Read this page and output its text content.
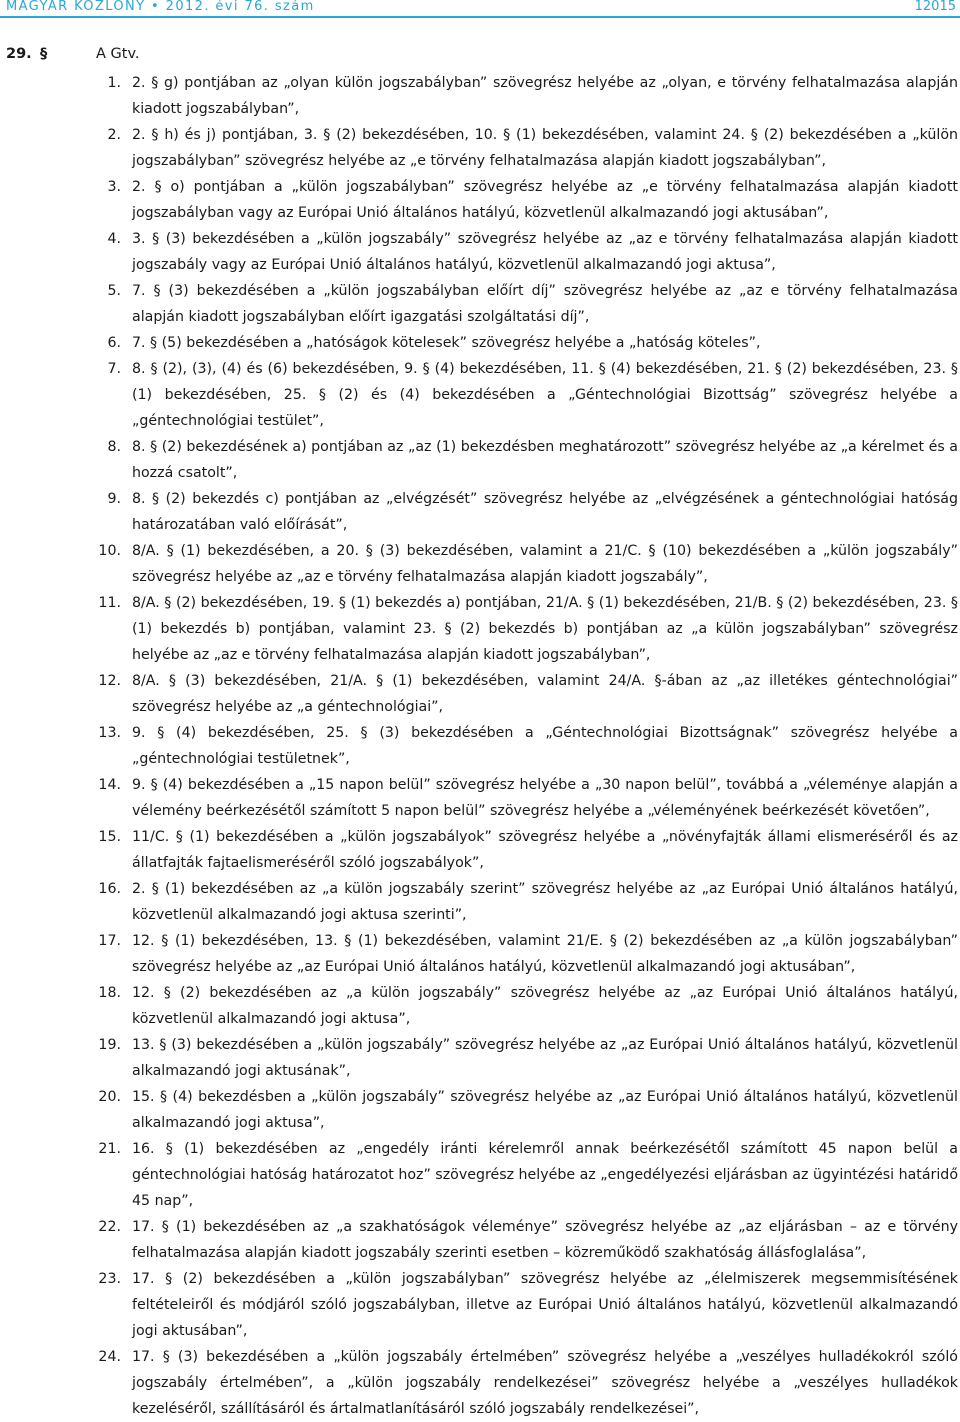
MAGYAR KÖZLÖNY • 2012. évi 76. szám	12015
29. §	A Gtv.
1. 2. § g) pontjában az „olyan külön jogszabályban” szövegrész helyébe az „olyan, e törvény felhatalmazása alapján kiadott jogszabályban”,
2. 2. § h) és j) pontjában, 3. § (2) bekezdésében, 10. § (1) bekezdésében, valamint 24. § (2) bekezdésében a „külön jogszabályban” szövegrész helyébe az „e törvény felhatalmazása alapján kiadott jogszabályban”,
3. 2. § o) pontjában a „külön jogszabályban” szövegrész helyébe az „e törvény felhatalmazása alapján kiadott jogszabályban vagy az Európai Unió általános hatályú, közvetlenül alkalmazandó jogi aktusában”,
4. 3. § (3) bekezdésében a „külön jogszabály” szövegrész helyébe az „az e törvény felhatalmazása alapján kiadott jogszabály vagy az Európai Unió általános hatályú, közvetlenül alkalmazandó jogi aktusa”,
5. 7. § (3) bekezdésében a „külön jogszabályban előírt díj” szövegrész helyébe az „az e törvény felhatalmazása alapján kiadott jogszabályban előírt igazgatási szolgáltatási díj”,
6. 7. § (5) bekezdésében a „hatóságok kötelesek” szövegrész helyébe a „hatóság köteles”,
7. 8. § (2), (3), (4) és (6) bekezdésében, 9. § (4) bekezdésében, 11. § (4) bekezdésében, 21. § (2) bekezdésében, 23. § (1) bekezdésében, 25. § (2) és (4) bekezdésében a „Géntechnológiai Bizottság” szövegrész helyébe a „géntechnológiai testület”,
8. 8. § (2) bekezdésének a) pontjában az „az (1) bekezdésben meghatározott” szövegrész helyébe az „a kérelmet és a hozzá csatolt”,
9. 8. § (2) bekezdés c) pontjában az „elvégzését” szövegrész helyébe az „elvégzésének a géntechnológiai hatóság határozatában való előírását”,
10. 8/A. § (1) bekezdésében, a 20. § (3) bekezdésében, valamint a 21/C. § (10) bekezdésében a „külön jogszabály” szövegrész helyébe az „az e törvény felhatalmazása alapján kiadott jogszabály”,
11. 8/A. § (2) bekezdésében, 19. § (1) bekezdés a) pontjában, 21/A. § (1) bekezdésében, 21/B. § (2) bekezdésében, 23. § (1) bekezdés b) pontjában, valamint 23. § (2) bekezdés b) pontjában az „a külön jogszabályban” szövegrész helyébe az „az e törvény felhatalmazása alapján kiadott jogszabályban”,
12. 8/A. § (3) bekezdésében, 21/A. § (1) bekezdésében, valamint 24/A. §-ában az „az illetékes géntechnológiai” szövegrész helyébe az „a géntechnológiai”,
13. 9. § (4) bekezdésében, 25. § (3) bekezdésében a „Géntechnológiai Bizottságnak” szövegrész helyébe a „géntechnológiai testületnek”,
14. 9. § (4) bekezdésében a „15 napon belül” szövegrész helyébe a „30 napon belül”, továbbá a „véleménye alapján a vélemény beérkezésétől számított 5 napon belül” szövegrész helyébe a „véleményének beérkezését követően”,
15. 11/C. § (1) bekezdésében a „külön jogszabályok” szövegrész helyébe a „növényfajták állami elismeréséről és az állatfajták fajtaelismeréséről szóló jogszabályok”,
16. 2. § (1) bekezdésében az „a külön jogszabály szerint” szövegrész helyébe az „az Európai Unió általános hatályú, közvetlenül alkalmazandó jogi aktusa szerinti”,
17. 12. § (1) bekezdésében, 13. § (1) bekezdésében, valamint 21/E. § (2) bekezdésében az „a külön jogszabályban” szövegrész helyébe az „az Európai Unió általános hatályú, közvetlenül alkalmazandó jogi aktusában”,
18. 12. § (2) bekezdésében az „a külön jogszabály” szövegrész helyébe az „az Európai Unió általános hatályú, közvetlenül alkalmazandó jogi aktusa”,
19. 13. § (3) bekezdésében a „külön jogszabály” szövegrész helyébe az „az Európai Unió általános hatályú, közvetlenül alkalmazandó jogi aktusának”,
20. 15. § (4) bekezdésben a „külön jogszabály” szövegrész helyébe az „az Európai Unió általános hatályú, közvetlenül alkalmazandó jogi aktusa”,
21. 16. § (1) bekezdésében az „engedély iránti kérelemről annak beérkezésétől számított 45 napon belül a géntechnológiai hatóság határozatot hoz” szövegrész helyébe az „engedélyezési eljárásban az ügyintézési határidő 45 nap”,
22. 17. § (1) bekezdésében az „a szakhatóságok véleménye” szövegrész helyébe az „az eljárásban – az e törvény felhatalmazása alapján kiadott jogszabály szerinti esetben – közreműködő szakhatóság állásfoglalása”,
23. 17. § (2) bekezdésében a „külön jogszabályban” szövegrész helyébe az „élelmiszerek megsemmisítésének feltételeiről és módjáról szóló jogszabályban, illetve az Európai Unió általános hatályú, közvetlenül alkalmazandó jogi aktusában”,
24. 17. § (3) bekezdésében a „külön jogszabály értelmében” szövegrész helyébe a „veszélyes hulladékokról szóló jogszabály értelmében”, a „külön jogszabály rendelkezései” szövegrész helyébe a „veszélyes hulladékok kezeléséről, szállításáról és ártalmatlanításáról szóló jogszabály rendelkezései”,
